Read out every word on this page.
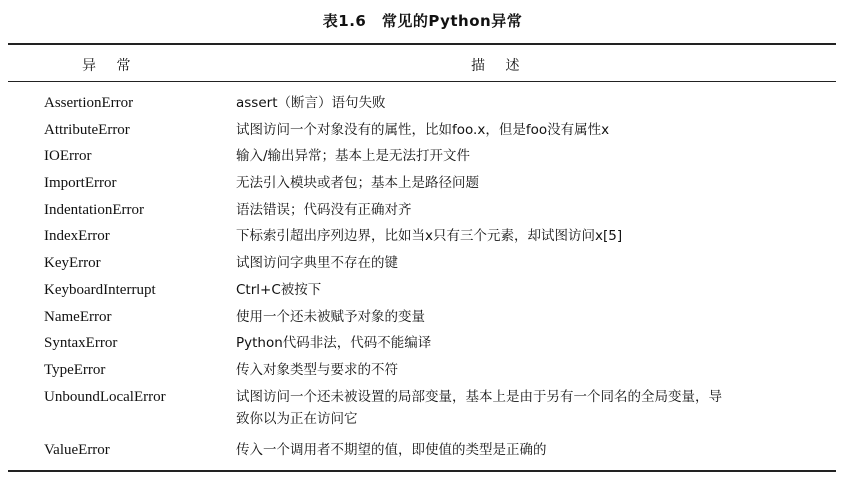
表1.6　常见的Python异常
异 常	描 述
AssertionError	assert（断言）语句失败
AttributeError	试图访问一个对象没有的属性，比如foo.x，但是foo没有属性x
IOError	输入/输出异常；基本上是无法打开文件
ImportError	无法引入模块或者包；基本上是路径问题
IndentationError	语法错误；代码没有正确对齐
IndexError	下标索引超出序列边界，比如当x只有三个元素，却试图访问x[5]
KeyError	试图访问字典里不存在的键
KeyboardInterrupt	Ctrl+C被按下
NameError	使用一个还未被赋予对象的变量
SyntaxError	Python代码非法，代码不能编译
TypeError	传入对象类型与要求的不符
UnboundLocalError	试图访问一个还未被设置的局部变量，基本上是由于另有一个同名的全局变量，导
致你以为正在访问它
ValueError	传入一个调用者不期望的值，即使值的类型是正确的
